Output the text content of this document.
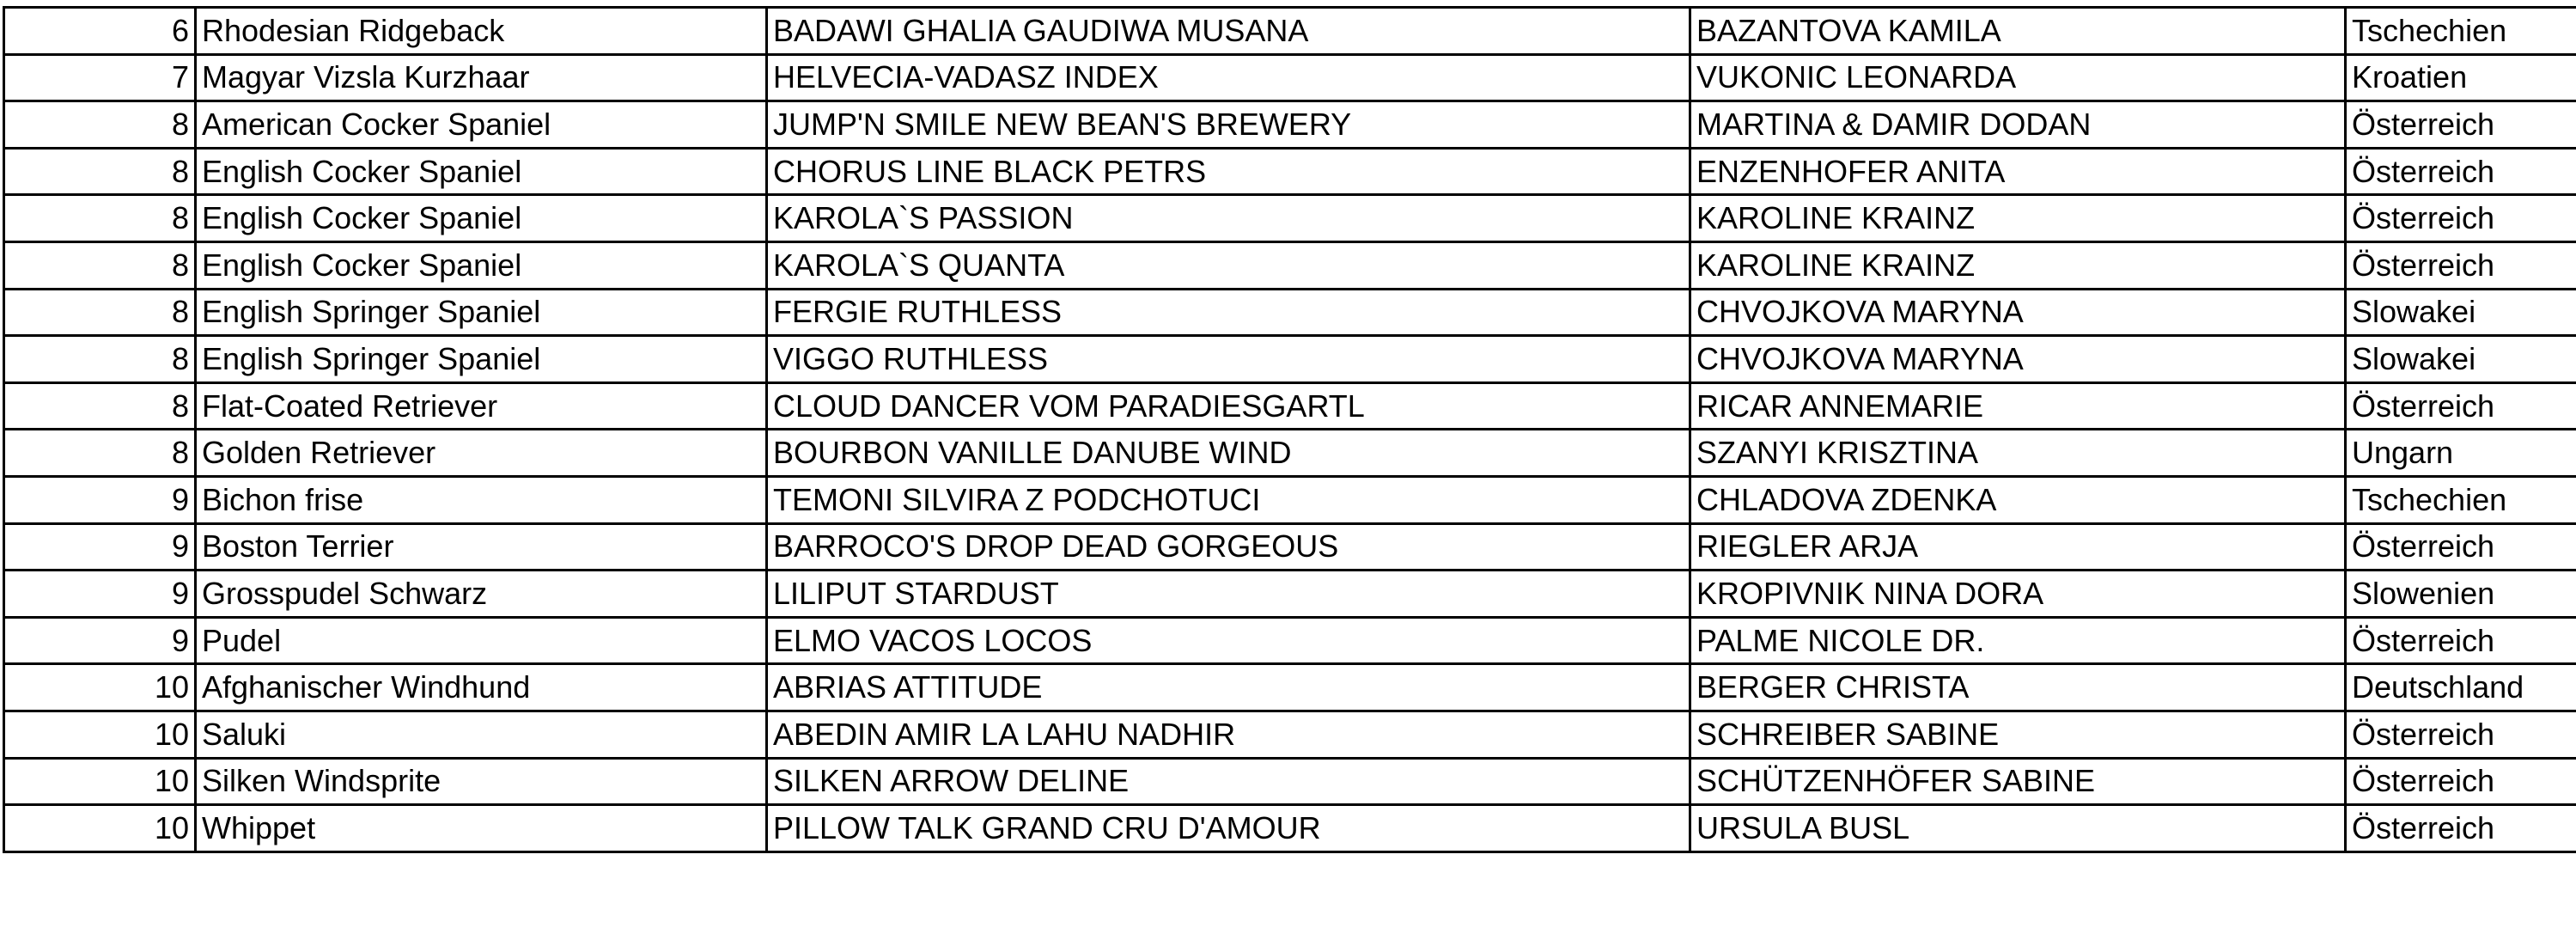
6	Rhodesian Ridgeback	BADAWI GHALIA GAUDIWA MUSANA	BAZANTOVA KAMILA	Tschechien
7	Magyar Vizsla Kurzhaar	HELVECIA-VADASZ INDEX	VUKONIC LEONARDA	Kroatien
8	American Cocker Spaniel	JUMP'N SMILE NEW BEAN'S BREWERY	MARTINA & DAMIR DODAN	Österreich
8	English Cocker Spaniel	CHORUS LINE BLACK PETRS	ENZENHOFER ANITA	Österreich
8	English Cocker Spaniel	KAROLA`S PASSION	KAROLINE KRAINZ	Österreich
8	English Cocker Spaniel	KAROLA`S QUANTA	KAROLINE KRAINZ	Österreich
8	English Springer Spaniel	FERGIE RUTHLESS	CHVOJKOVA MARYNA	Slowakei
8	English Springer Spaniel	VIGGO RUTHLESS	CHVOJKOVA MARYNA	Slowakei
8	Flat-Coated Retriever	CLOUD DANCER VOM PARADIESGARTL	RICAR ANNEMARIE	Österreich
8	Golden Retriever	BOURBON VANILLE DANUBE WIND	SZANYI KRISZTINA	Ungarn
9	Bichon frise	TEMONI SILVIRA Z PODCHOTUCI	CHLADOVA ZDENKA	Tschechien
9	Boston Terrier	BARROCO'S DROP DEAD GORGEOUS	RIEGLER ARJA	Österreich
9	Grosspudel Schwarz	LILIPUT STARDUST	KROPIVNIK NINA DORA	Slowenien
9	Pudel	ELMO VACOS LOCOS	PALME NICOLE DR.	Österreich
10	Afghanischer Windhund	ABRIAS ATTITUDE	BERGER CHRISTA	Deutschland
10	Saluki	ABEDIN AMIR LA LAHU NADHIR	SCHREIBER SABINE	Österreich
10	Silken Windsprite	SILKEN ARROW DELINE	SCHÜTZENHÖFER SABINE	Österreich
10	Whippet	PILLOW TALK GRAND CRU D'AMOUR	URSULA BUSL	Österreich
